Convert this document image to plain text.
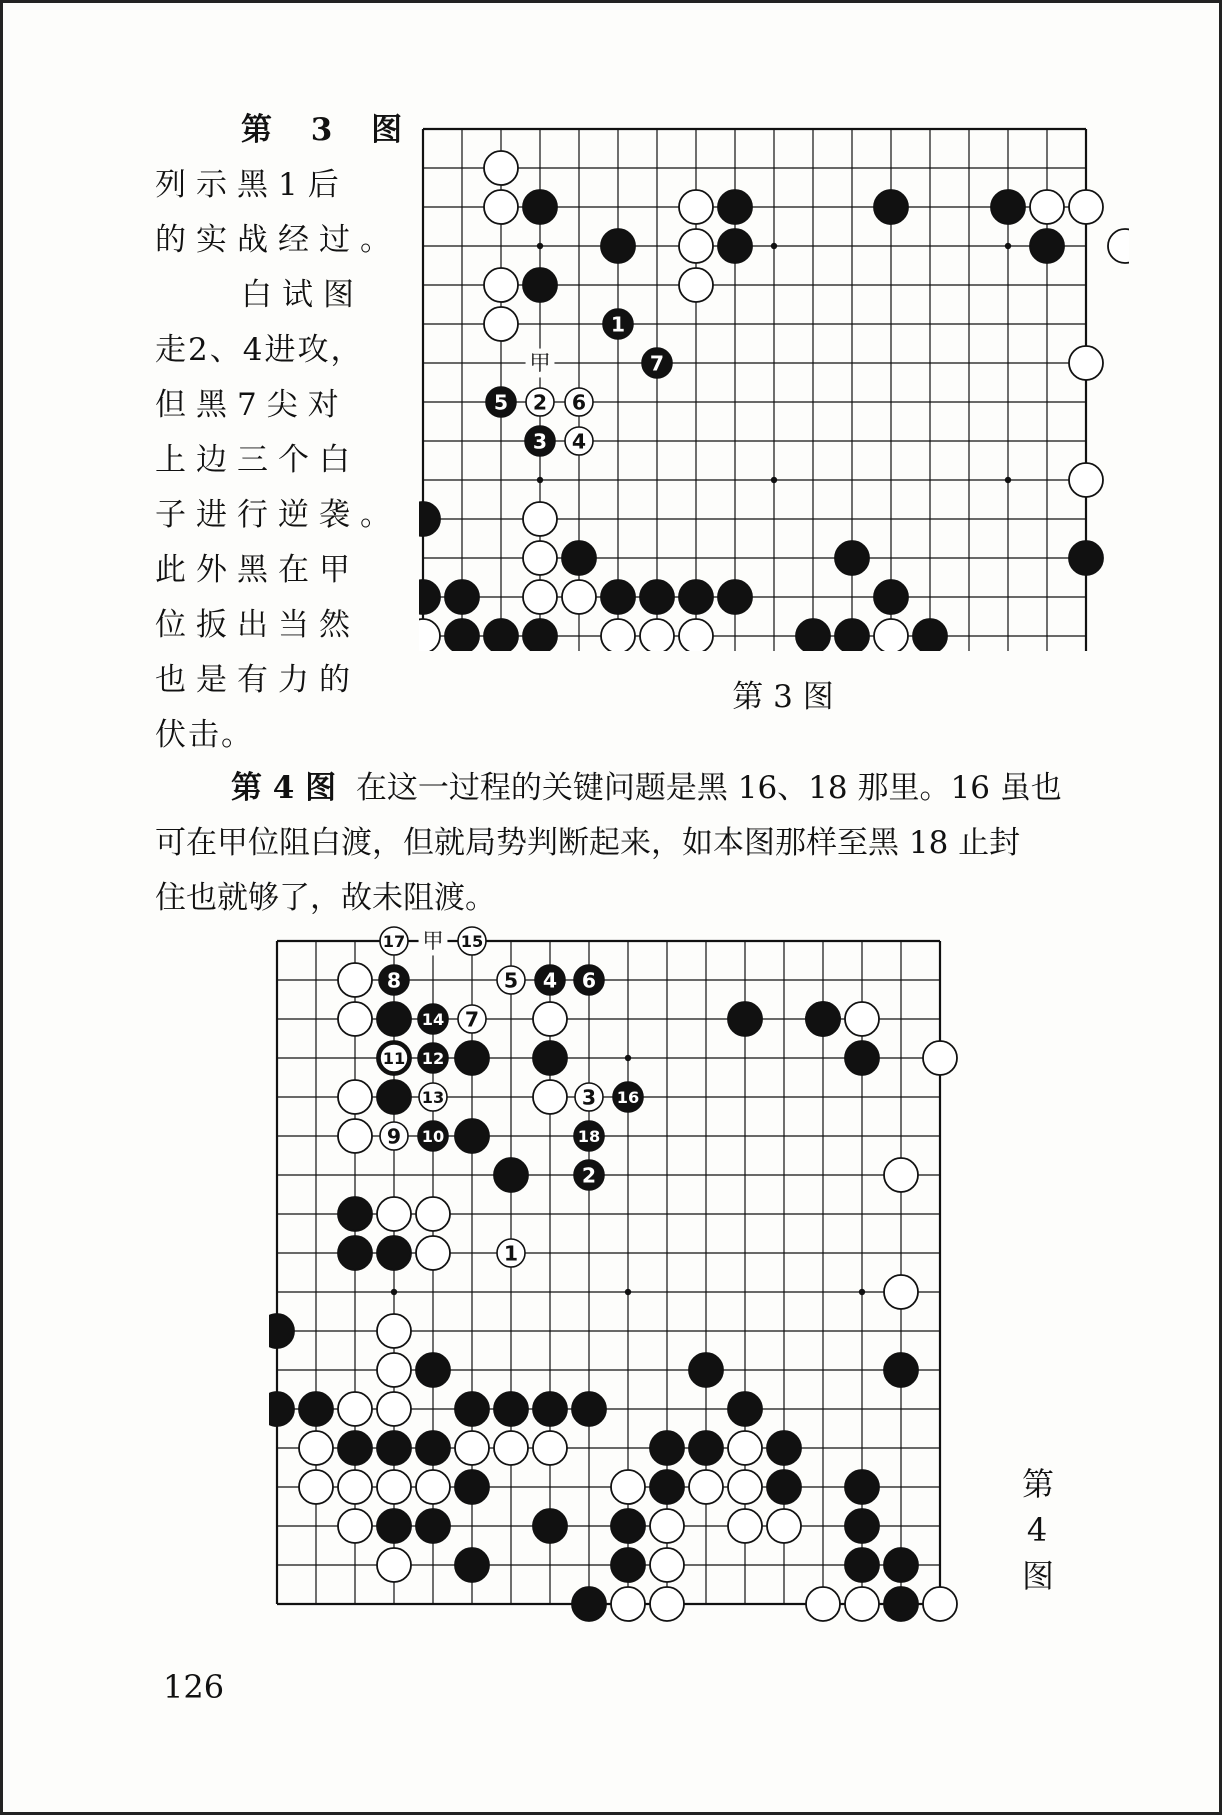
第 3 图
列示黑1后
的实战经过。
白试图
走2、4进攻，
但黑7尖对
上边三个白
子进行逆袭。
此外黑在甲
位扳出当然
也是有力的
伏击。
1
7
5 2 6
3 4
甲
第 3 图
第 4 图 在这一过程的关键问题是黑 16、18 那里。16 虽也
可在甲位阻白渡，但就局势判断起来，如本图那样至黑 18 止封
住也就够了，故未阻渡。
17	15
8	5 4 6
14 7
11 12
13	3 16
9 10	18
2
1
甲
第4图
126
